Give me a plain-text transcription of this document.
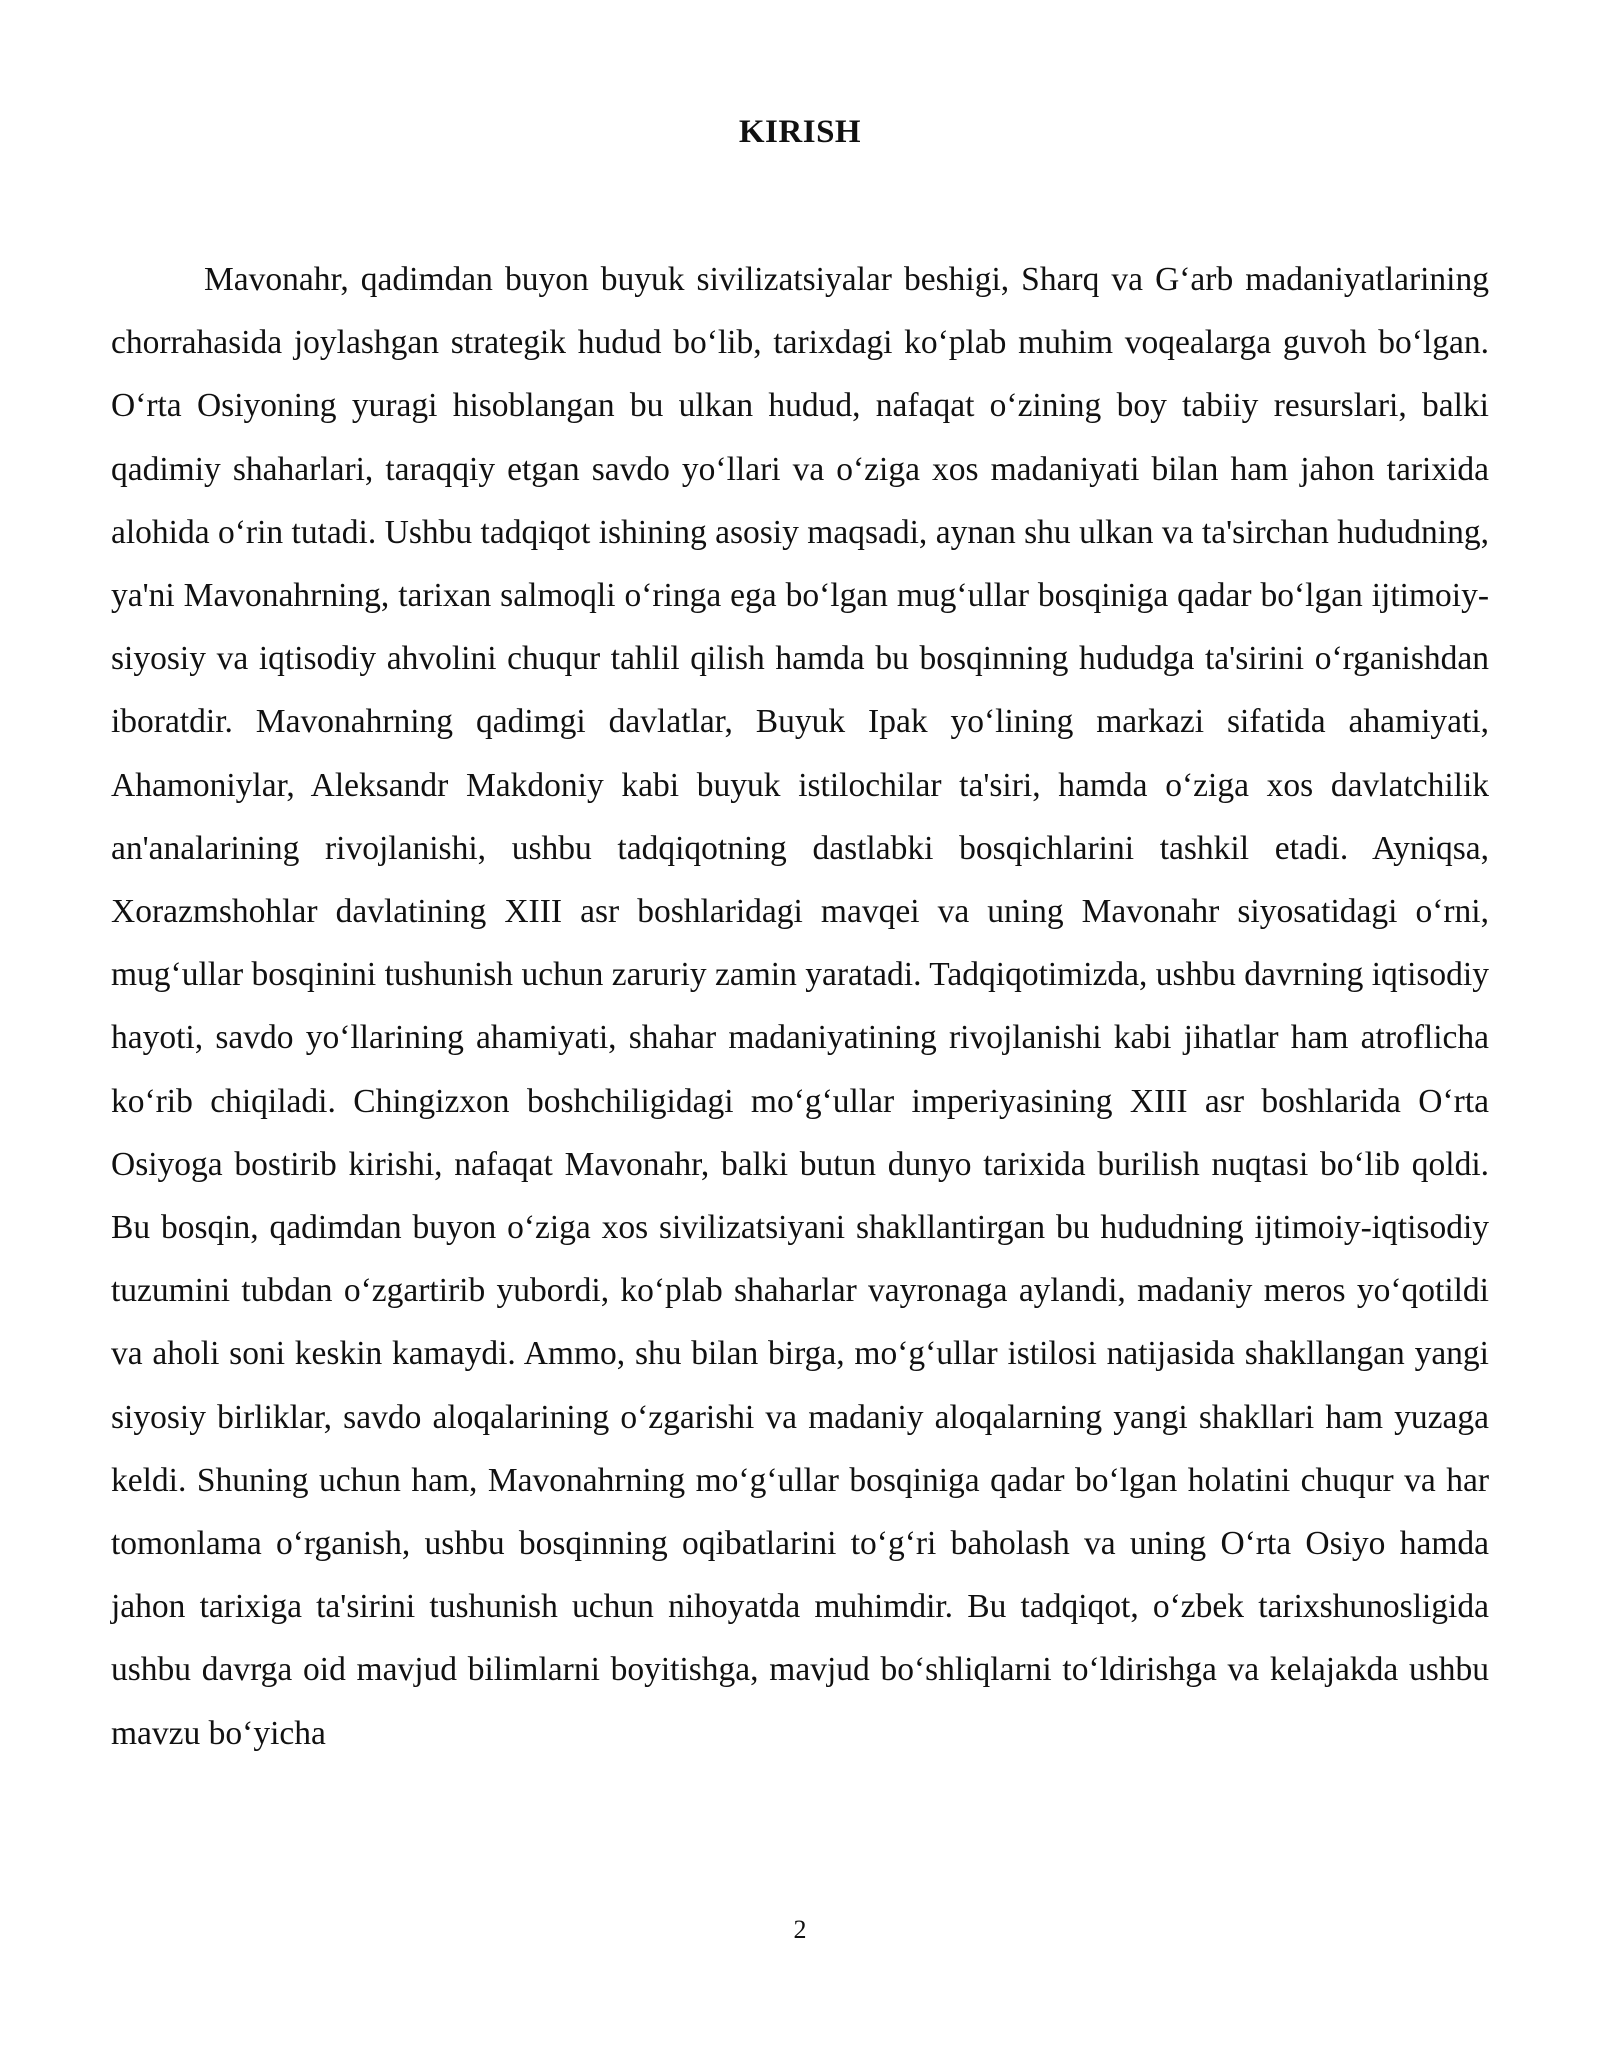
KIRISH

Mavonahr, qadimdan buyon buyuk sivilizatsiyalar beshigi, Sharq va G‘arb madaniyatlarining chorrahasida joylashgan strategik hudud bo‘lib, tarixdagi ko‘plab muhim voqealarga guvoh bo‘lgan. O‘rta Osiyoning yuragi hisoblangan bu ulkan hudud, nafaqat o‘zining boy tabiiy resurslari, balki qadimiy shaharlari, taraqqiy etgan savdo yo‘llari va o‘ziga xos madaniyati bilan ham jahon tarixida alohida o‘rin tutadi. Ushbu tadqiqot ishining asosiy maqsadi, aynan shu ulkan va ta'sirchan hududning, ya'ni Mavonahrning, tarixan salmoqli o‘ringa ega bo‘lgan mug‘ullar bosqiniga qadar bo‘lgan ijtimoiy-siyosiy va iqtisodiy ahvolini chuqur tahlil qilish hamda bu bosqinning hududga ta'sirini o‘rganishdan iboratdir. Mavonahrning qadimgi davlatlar, Buyuk Ipak yo‘lining markazi sifatida ahamiyati, Ahamoniylar, Aleksandr Makdoniy kabi buyuk istilochilar ta'siri, hamda o‘ziga xos davlatchilik an'analarining rivojlanishi, ushbu tadqiqotning dastlabki bosqichlarini tashkil etadi. Ayniqsa, Xorazmshohlar davlatining XIII asr boshlaridagi mavqei va uning Mavonahr siyosatidagi o‘rni, mug‘ullar bosqinini tushunish uchun zaruriy zamin yaratadi. Tadqiqotimizda, ushbu davrning iqtisodiy hayoti, savdo yo‘llarining ahamiyati, shahar madaniyatining rivojlanishi kabi jihatlar ham atroflicha ko‘rib chiqiladi. Chingizxon boshchiligidagi mo‘g‘ullar imperiyasining XIII asr boshlarida O‘rta Osiyoga bostirib kirishi, nafaqat Mavonahr, balki butun dunyo tarixida burilish nuqtasi bo‘lib qoldi. Bu bosqin, qadimdan buyon o‘ziga xos sivilizatsiyani shakllantirgan bu hududning ijtimoiy-iqtisodiy tuzumini tubdan o‘zgartirib yubordi, ko‘plab shaharlar vayronaga aylandi, madaniy meros yo‘qotildi va aholi soni keskin kamaydi. Ammo, shu bilan birga, mo‘g‘ullar istilosi natijasida shakllangan yangi siyosiy birliklar, savdo aloqalarining o‘zgarishi va madaniy aloqalarning yangi shakllari ham yuzaga keldi. Shuning uchun ham, Mavonahrning mo‘g‘ullar bosqiniga qadar bo‘lgan holatini chuqur va har tomonlama o‘rganish, ushbu bosqinning oqibatlarini to‘g‘ri baholash va uning O‘rta Osiyo hamda jahon tarixiga ta'sirini tushunish uchun nihoyatda muhimdir. Bu tadqiqot, o‘zbek tarixshunosligida ushbu davrga oid mavjud bilimlarni boyitishga, mavjud bo‘shliqlarni to‘ldirishga va kelajakda ushbu mavzu bo‘yicha

2
